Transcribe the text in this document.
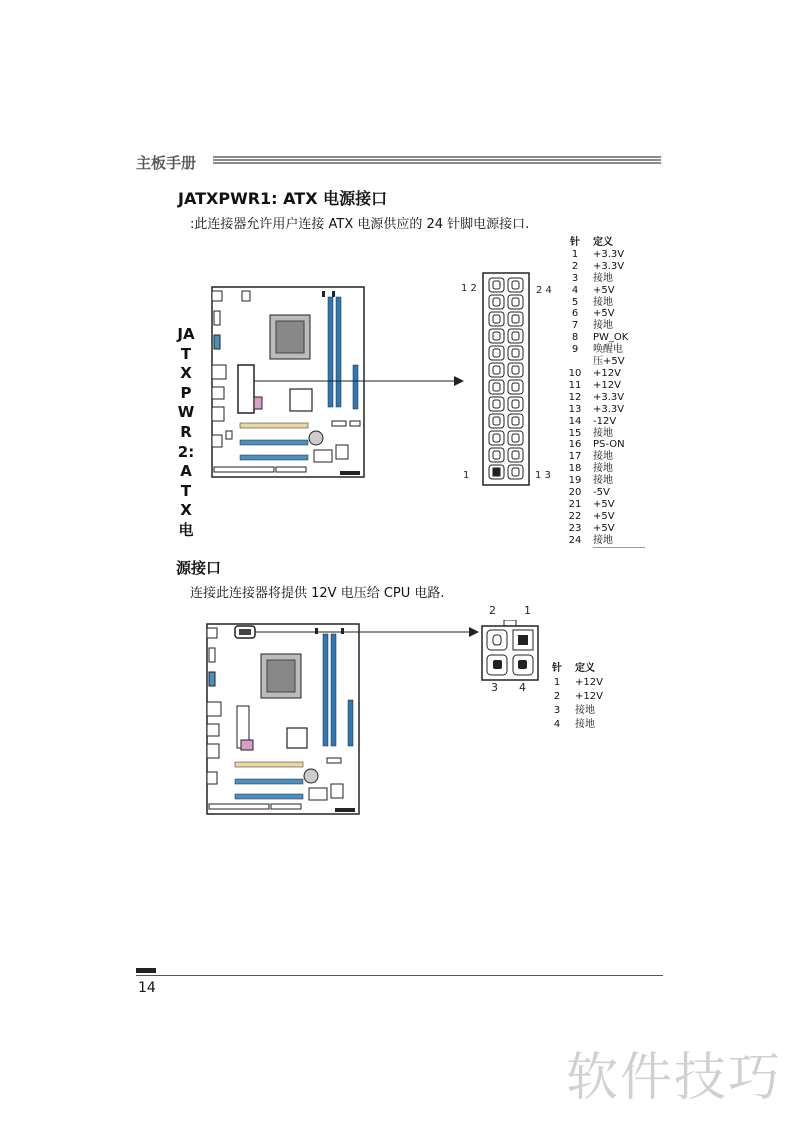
主板手册
JATXPWR1: ATX 电源接口
:此连接器允许用户连接 ATX 电源供应的 24 针脚电源接口.
1 2	2 4
1	1 3
针	定义
1	+3.3V
2	+3.3V
3	接地
4	+5V
5	接地
6	+5V
7	接地
8	PW_OK
9	唤醒电
压+5V
10	+12V
11	+12V
12	+3.3V
13	+3.3V
14	-12V
15	接地
16	PS-ON
17	接地
18	接地
19	接地
20	-5V
21	+5V
22	+5V
23	+5V
24	接地
JATXPWR2:ATX电
源接口
连接此连接器将提供 12V 电压给 CPU 电路.
2	1
3 4
针	定义
1	+12V
2	+12V
3	接地
4	接地
14
软件技巧
